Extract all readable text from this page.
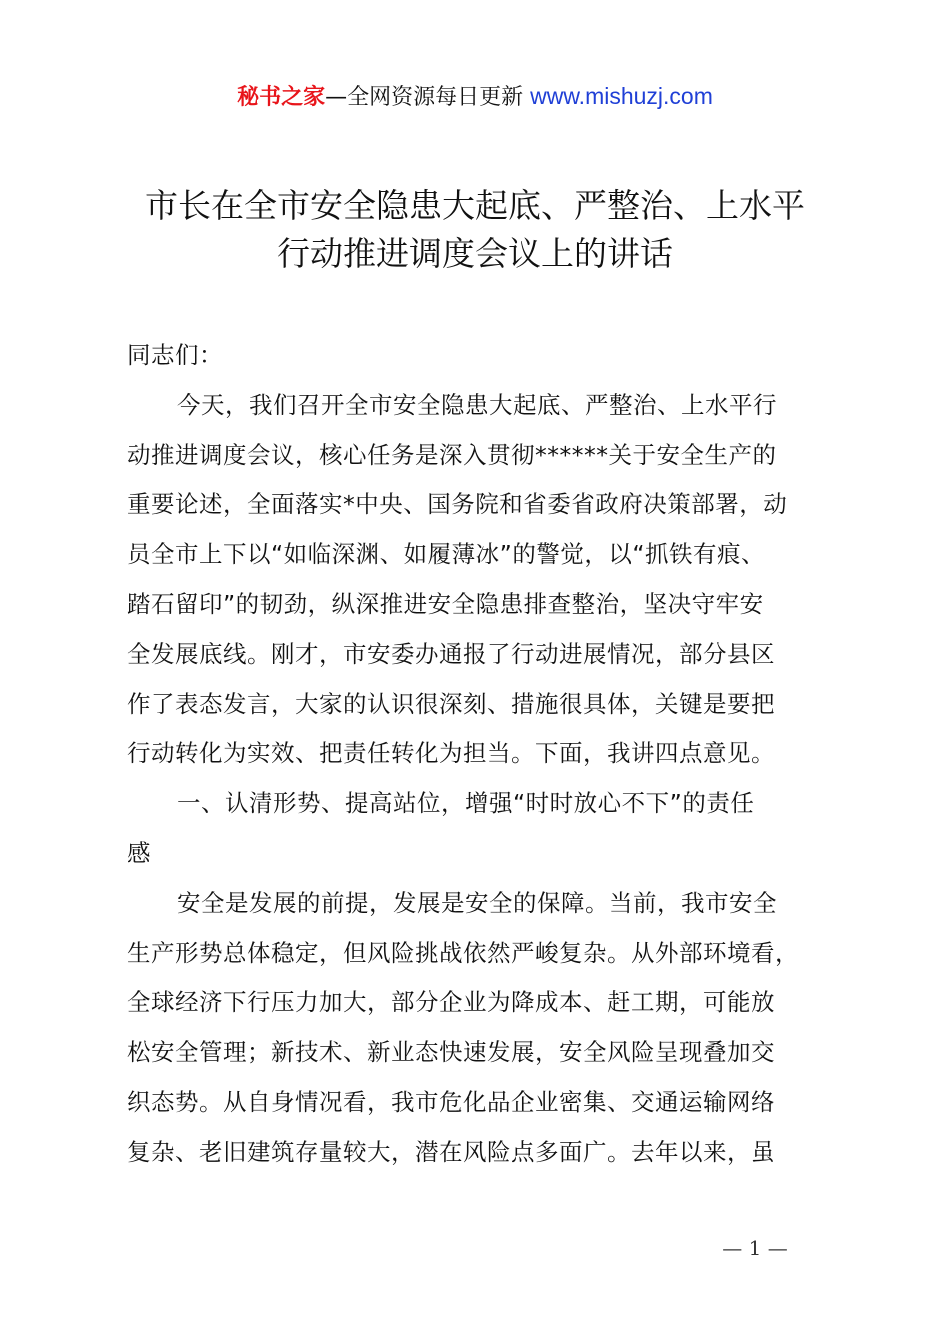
秘书之家—全网资源每日更新 www.mishuzj.com
市长在全市安全隐患大起底、严整治、上水平
行动推进调度会议上的讲话
同志们：
今天，我们召开全市安全隐患大起底、严整治、上水平行
动推进调度会议，核心任务是深入贯彻******关于安全生产的
重要论述，全面落实*中央、国务院和省委省政府决策部署，动
员全市上下以“如临深渊、如履薄冰”的警觉，以“抓铁有痕、
踏石留印”的韧劲，纵深推进安全隐患排查整治，坚决守牢安
全发展底线。刚才，市安委办通报了行动进展情况，部分县区
作了表态发言，大家的认识很深刻、措施很具体，关键是要把
行动转化为实效、把责任转化为担当。下面，我讲四点意见。
一、认清形势、提高站位，增强“时时放心不下”的责任
感
安全是发展的前提，发展是安全的保障。当前，我市安全
生产形势总体稳定，但风险挑战依然严峻复杂。从外部环境看，
全球经济下行压力加大，部分企业为降成本、赶工期，可能放
松安全管理；新技术、新业态快速发展，安全风险呈现叠加交
织态势。从自身情况看，我市危化品企业密集、交通运输网络
复杂、老旧建筑存量较大，潜在风险点多面广。去年以来，虽
— 1 —
